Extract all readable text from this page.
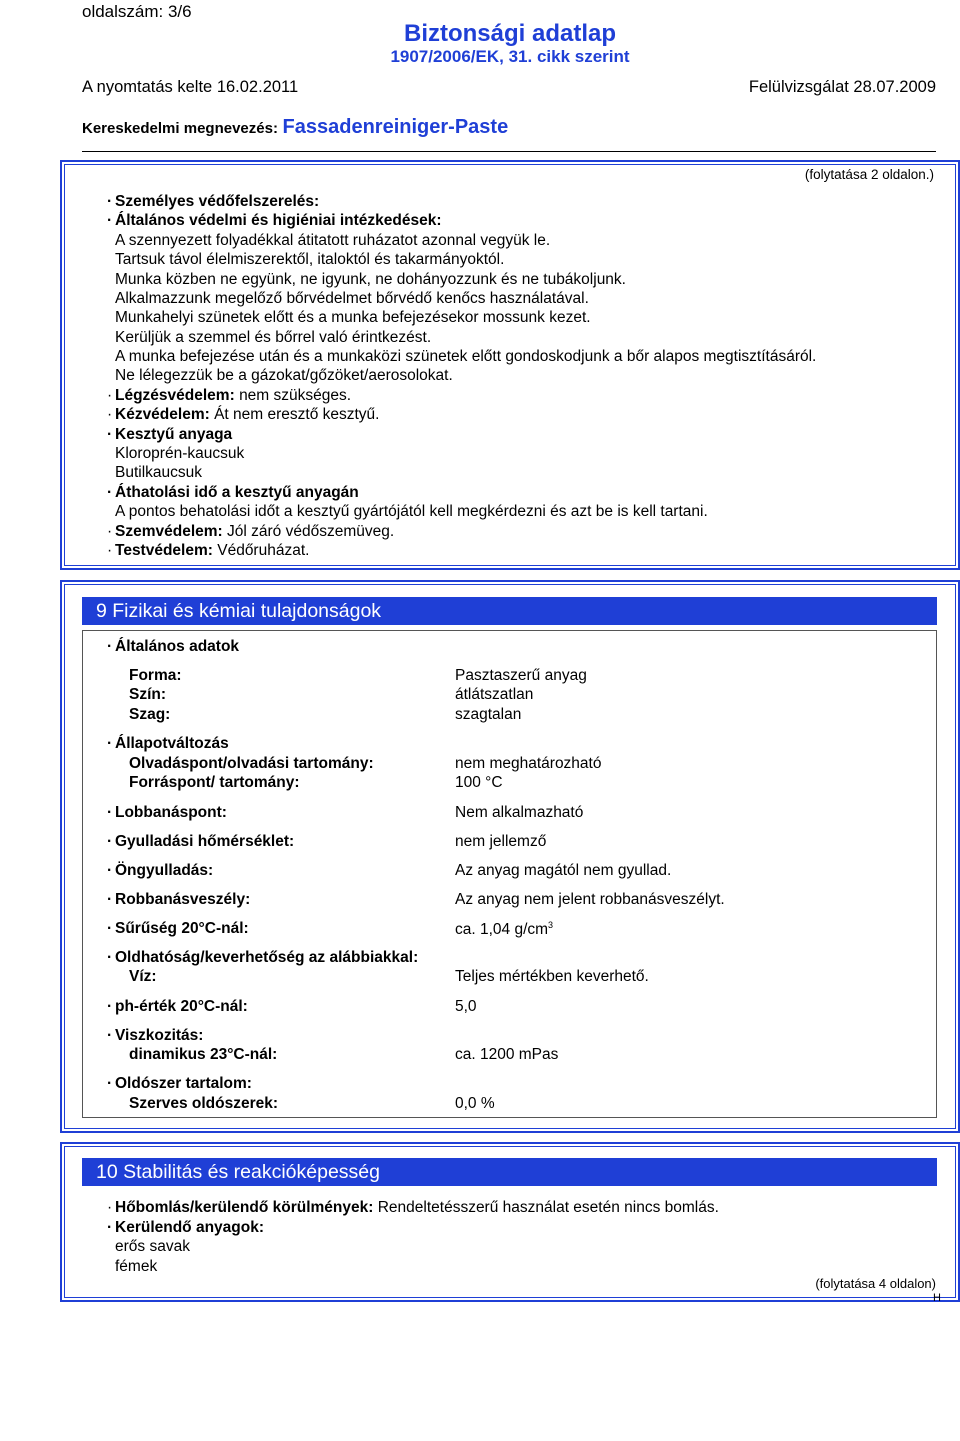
oldalszám: 3/6
Biztonsági adatlap
1907/2006/EK, 31. cikk szerint
A nyomtatás kelte 16.02.2011	Felülvizsgálat 28.07.2009
Kereskedelmi megnevezés: Fassadenreiniger-Paste
(folytatása 2 oldalon.)
· Személyes védőfelszerelés:
· Általános védelmi és higiéniai intézkedések:
A szennyezett folyadékkal átitatott ruházatot azonnal vegyük le.
Tartsuk távol élelmiszerektől, italoktól és takarmányoktól.
Munka közben ne együnk, ne igyunk, ne dohányozzunk és ne tubákoljunk.
Alkalmazzunk megelőző bőrvédelmet bőrvédő kenőcs használatával.
Munkahelyi szünetek előtt és a munka befejezésekor mossunk kezet.
Kerüljük a szemmel és bőrrel való érintkezést.
A munka befejezése után és a munkaközi szünetek előtt gondoskodjunk a bőr alapos megtisztításáról.
Ne lélegezzük be a gázokat/gőzöket/aerosolokat.
· Légzésvédelem: nem szükséges.
· Kézvédelem: Át nem eresztő kesztyű.
· Kesztyű anyaga
Kloroprén-kaucsuk
Butilkaucsuk
· Áthatolási idő a kesztyű anyagán
A pontos behatolási időt a kesztyű gyártójától kell megkérdezni és azt be is kell tartani.
· Szemvédelem: Jól záró védőszemüveg.
· Testvédelem: Védőruházat.
9 Fizikai és kémiai tulajdonságok
· Általános adatok
Forma:	Pasztaszerű anyag
Szín:	átlátszatlan
Szag:	szagtalan
· Állapotváltozás
Olvadáspont/olvadási tartomány:	nem meghatározható
Forráspont/ tartomány:	100 °C
· Lobbanáspont:	Nem alkalmazható
· Gyulladási hőmérséklet:	nem jellemző
· Öngyulladás:	Az anyag magától nem gyullad.
· Robbanásveszély:	Az anyag nem jelent robbanásveszélyt.
· Sűrűség 20°C-nál:	ca. 1,04 $g/cm^3$
· Oldhatóság/keverhetőség az alábbiakkal:
Víz:	Teljes mértékben keverhető.
· ph-érték 20°C-nál:	5,0
· Viszkozitás:
dinamikus 23°C-nál:	ca. 1200 mPas
· Oldószer tartalom:
Szerves oldószerek:	0,0 %
10 Stabilitás és reakcióképesség
· Hőbomlás/kerülendő körülmények: Rendeltetésszerű használat esetén nincs bomlás.
· Kerülendő anyagok:
erős savak
fémek
(folytatása 4 oldalon)
H
